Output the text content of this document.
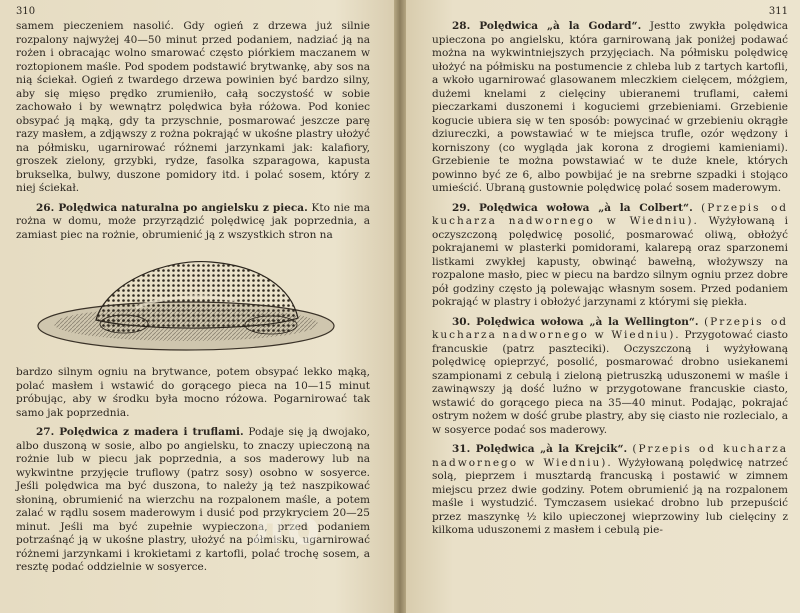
310

samem pieczeniem nasolić. Gdy ogień z drzewa już silnie rozpalony najwyżej 40—50 minut przed podaniem, nadziać ją na rożen i obracając wolno smarować często piórkiem maczanem w roztopionem maśle. Pod spodem podstawić brytwankę, aby sos na nią ściekał. Ogień z twardego drzewa powinien być bardzo silny, aby się mięso prędko zrumieniło, całą soczystość w sobie zachowało i by wewnątrz polędwica była różowa. Pod koniec obsypać ją mąką, gdy ta przyschnie, posmarować jeszcze parę razy masłem, a zdjąwszy z rożna pokrająć w ukośne plastry ułożyć na półmisku, ugarnirować różnemi jarzynkami jak: kalafiory, groszek zielony, grzybki, rydze, fasolka szparagowa, kapusta brukselka, bulwy, duszone pomidory itd. i polać sosem, który z niej ściekał.

26. Polędwica naturalna po angielsku z pieca. Kto nie ma rożna w domu, może przyrządzić polędwicę jak poprzednia, a zamiast piec na rożnie, obrumienić ją z wszystkich stron na

bardzo silnym ogniu na brytwance, potem obsypać lekko mąką, polać masłem i wstawić do gorącego pieca na 10—15 minut próbując, aby w środku była mocno różowa. Pogarnirować tak samo jak poprzednia.

27. Polędwica z madera i truflami. Podaje się ją dwojako, albo duszoną w sosie, albo po angielsku, to znaczy upieczoną na rożnie lub w piecu jak poprzednia, a sos maderowy lub na wykwintne przyjęcie truflowy (patrz sosy) osobno w sosyerce. Jeśli polędwica ma być duszona, to należy ją też naszpikować słoniną, obrumienić na wierzchu na rozpalonem maśle, a potem zalać w rądlu sosem maderowym i dusić pod przykryciem 20—25 minut. Jeśli ma być zupełnie wypieczona, przed podaniem potrzaśnąć ją w ukośne plastry, ułożyć na półmisku, ugarnirować różnemi jarzynkami i krokietami z kartofli, polać trochę sosem, a resztę podać oddzielnie w sosyerce.

311

28. Polędwica „à la Godard“. Jestto zwykła polędwica upieczona po angielsku, która garnirowaną jak poniżej podawać można na wykwintniejszych przyjęciach. Na półmisku polędwicę ułożyć na półmisku na postumencie z chleba lub z tartych kartofli, a wkoło ugarnirować glasowanem mleczkiem cielęcem, móżgiem, dużemi knelami z cielęciny ubieranemi truflami, całemi pieczarkami duszonemi i koguciemi grzebieniami. Grzebienie kogucie ubiera się w ten sposób: powycinać w grzebieniu okrągłe dziureczki, a powstawiać w te miejsca trufle, ozór wędzony i korniszony (co wygląda jak korona z drogiemi kamieniami). Grzebienie te można powstawiać w te duże knele, których powinno być ze 6, albo powbijać je na srebrne szpadki i stojąco umieścić. Ubraną gustownie polędwicę polać sosem maderowym.

29. Polędwica wołowa „à la Colbert“. (Przepis od kucharza nadwornego w Wiedniu). Wyżyłowaną i oczyszczoną polędwicę posolić, posmarować oliwą, obłożyć pokrajanemi w plasterki pomidorami, kalarepą oraz sparzonemi listkami zwykłej kapusty, obwinąć bawełną, włożywszy na rozpalone masło, piec w piecu na bardzo silnym ogniu przez dobre pół godziny często ją polewając własnym sosem. Przed podaniem pokrająć w plastry i obłożyć jarzynami z którymi się piekła.

30. Polędwica wołowa „à la Wellington“. (Przepis od kucharza nadwornego w Wiedniu). Przygotować ciasto francuskie (patrz paszteciki). Oczyszczoną i wyżyłowaną polędwicę opieprzyć, posolić, posmarować drobno usiekanemi szampionami z cebulą i zieloną pietruszką uduszonemi w maśle i zawinąwszy ją dość luźno w przygotowane francuskie ciasto, wstawić do gorącego pieca na 35—40 minut. Podając, pokrajać ostrym nożem w dość grube plastry, aby się ciasto nie rozlecialo, a w sosyerce podać sos maderowy.

31. Polędwica „à la Krejcik“. (Przepis od kucharza nadwornego w Wiedniu). Wyżyłowaną polędwicę natrzeć solą, pieprzem i musztardą francuską i postawić w zimnem miejscu przez dwie godziny. Potem obrumienić ją na rozpalonem maśle i wystudzić. Tymczasem usiekać drobno lub przepuścić przez maszynkę ½ kilo upieczonej wieprzowiny lub cielęciny z kilkoma uduszonemi z masłem i cebulą pie-

ло
